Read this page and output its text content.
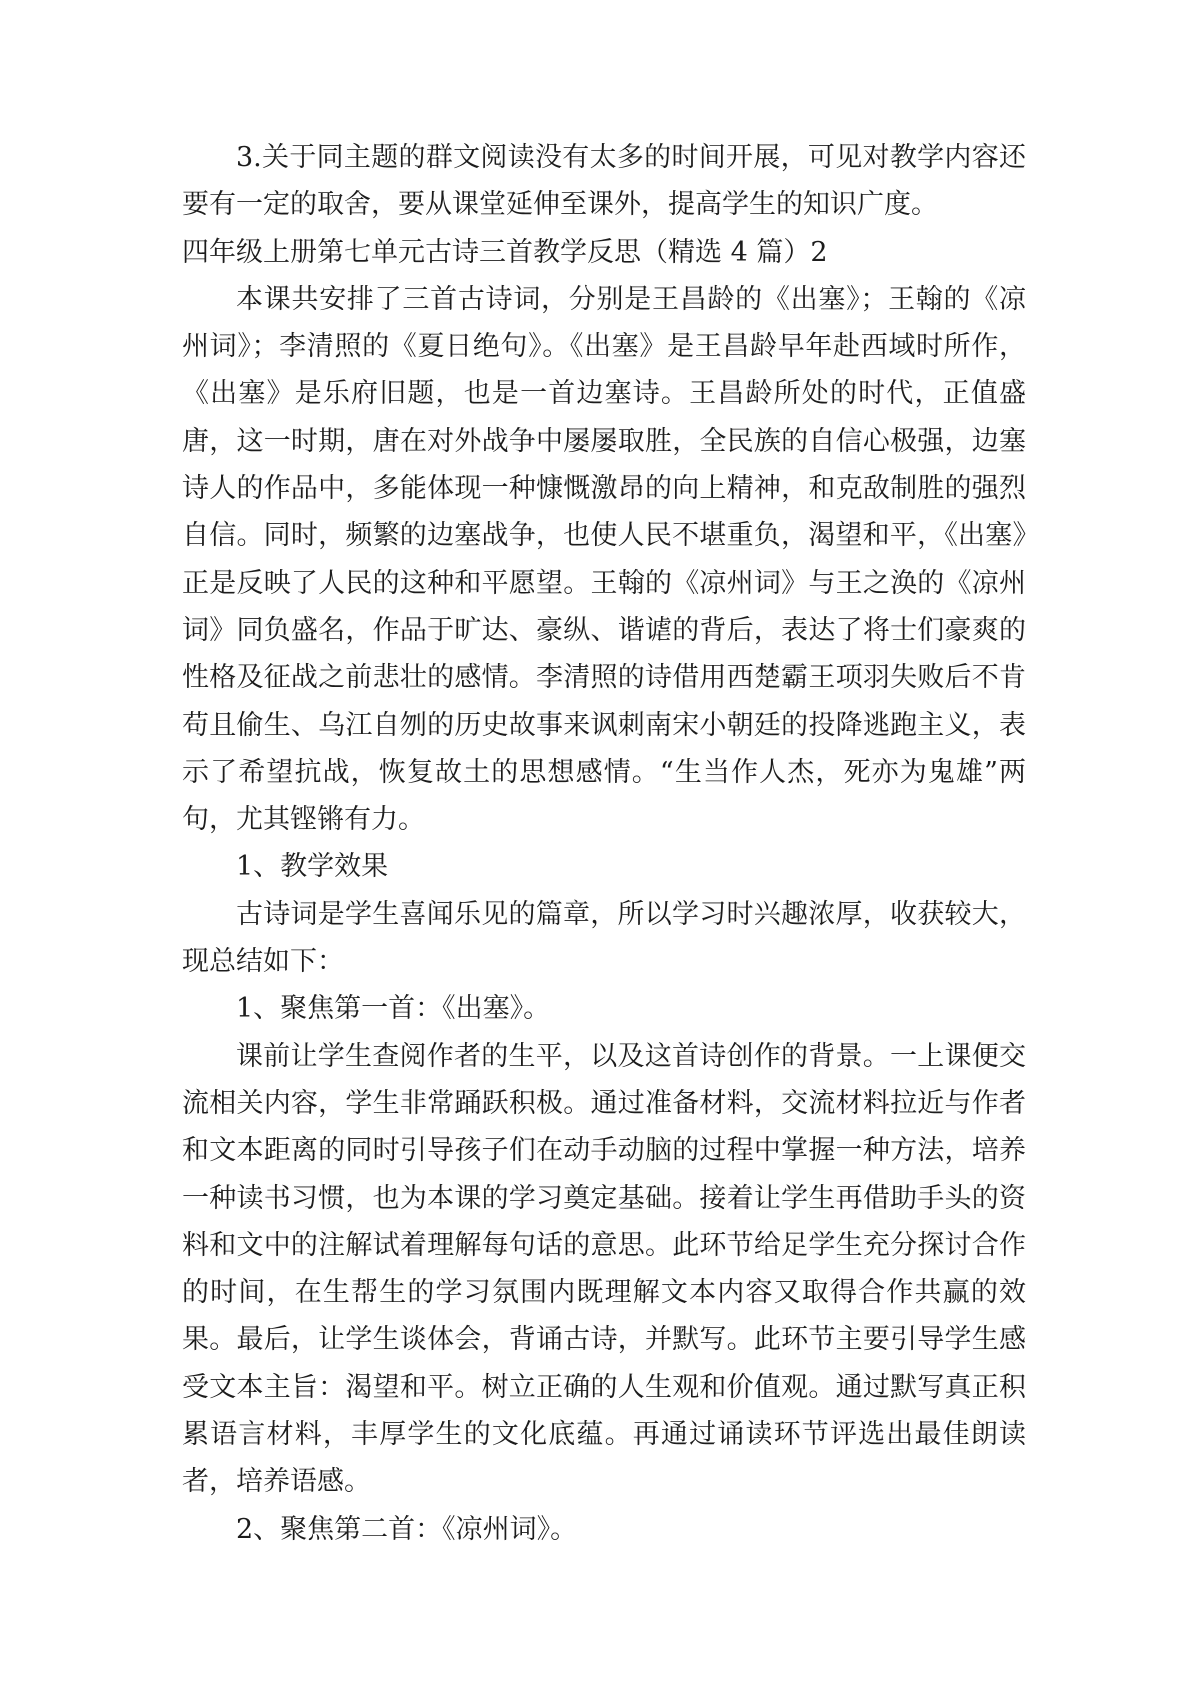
3.关于同主题的群文阅读没有太多的时间开展，可见对教学内容还要有一定的取舍，要从课堂延伸至课外，提高学生的知识广度。

四年级上册第七单元古诗三首教学反思（精选 4 篇）2

本课共安排了三首古诗词，分别是王昌龄的《出塞》；王翰的《凉州词》；李清照的《夏日绝句》。《出塞》是王昌龄早年赴西域时所作，《出塞》是乐府旧题，也是一首边塞诗。王昌龄所处的时代，正值盛唐，这一时期，唐在对外战争中屡屡取胜，全民族的自信心极强，边塞诗人的作品中，多能体现一种慷慨激昂的向上精神，和克敌制胜的强烈自信。同时，频繁的边塞战争，也使人民不堪重负，渴望和平，《出塞》正是反映了人民的这种和平愿望。王翰的《凉州词》与王之涣的《凉州词》同负盛名，作品于旷达、豪纵、谐谑的背后，表达了将士们豪爽的性格及征战之前悲壮的感情。李清照的诗借用西楚霸王项羽失败后不肯苟且偷生、乌江自刎的历史故事来讽刺南宋小朝廷的投降逃跑主义，表示了希望抗战，恢复故土的思想感情。“生当作人杰，死亦为鬼雄”两句，尤其铿锵有力。

1、教学效果

古诗词是学生喜闻乐见的篇章，所以学习时兴趣浓厚，收获较大，现总结如下：

1、聚焦第一首：《出塞》。

课前让学生查阅作者的生平，以及这首诗创作的背景。一上课便交流相关内容，学生非常踊跃积极。通过准备材料，交流材料拉近与作者和文本距离的同时引导孩子们在动手动脑的过程中掌握一种方法，培养一种读书习惯，也为本课的学习奠定基础。接着让学生再借助手头的资料和文中的注解试着理解每句话的意思。此环节给足学生充分探讨合作的时间，在生帮生的学习氛围内既理解文本内容又取得合作共赢的效果。最后，让学生谈体会，背诵古诗，并默写。此环节主要引导学生感受文本主旨：渴望和平。树立正确的人生观和价值观。通过默写真正积累语言材料，丰厚学生的文化底蕴。再通过诵读环节评选出最佳朗读者，培养语感。

2、聚焦第二首：《凉州词》。
